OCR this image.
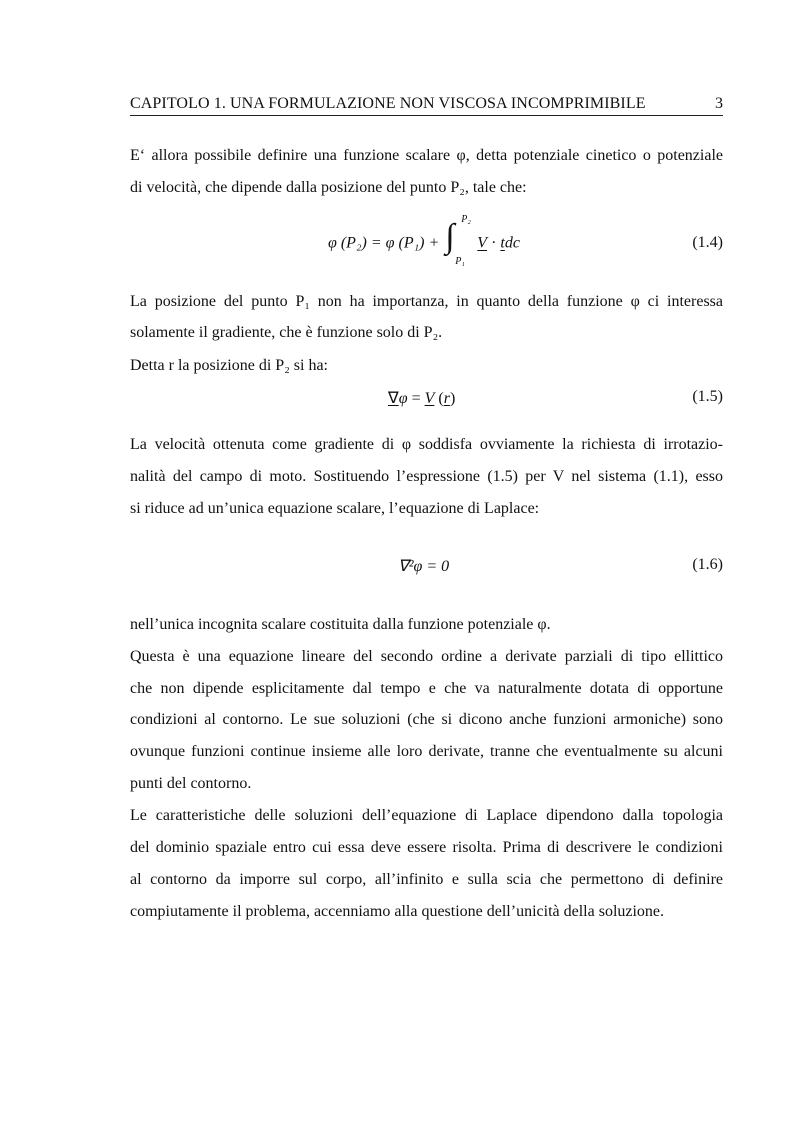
CAPITOLO 1. UNA FORMULAZIONE NON VISCOSA INCOMPRIMIBILE	3
E‘ allora possibile definire una funzione scalare φ, detta potenziale cinetico o potenziale
di velocità, che dipende dalla posizione del punto P₂, tale che:
φ (P₂) = φ (P₁) + ∫ P₂
P₁
V · tdc	(1.4)
La posizione del punto P₁ non ha importanza, in quanto della funzione φ ci interessa
solamente il gradiente, che è funzione solo di P₂.
Detta r la posizione di P₂ si ha:
∇φ = V (r)	(1.5)
La velocità ottenuta come gradiente di φ soddisfa ovviamente la richiesta di irrotazio-
nalità del campo di moto. Sostituendo l’espressione (1.5) per V nel sistema (1.1), esso
si riduce ad un’unica equazione scalare, l’equazione di Laplace:
∇²φ = 0	(1.6)
nell’unica incognita scalare costituita dalla funzione potenziale φ.
Questa è una equazione lineare del secondo ordine a derivate parziali di tipo ellittico
che non dipende esplicitamente dal tempo e che va naturalmente dotata di opportune
condizioni al contorno. Le sue soluzioni (che si dicono anche funzioni armoniche) sono
ovunque funzioni continue insieme alle loro derivate, tranne che eventualmente su alcuni
punti del contorno.
Le caratteristiche delle soluzioni dell’equazione di Laplace dipendono dalla topologia
del dominio spaziale entro cui essa deve essere risolta. Prima di descrivere le condizioni
al contorno da imporre sul corpo, all’infinito e sulla scia che permettono di definire
compiutamente il problema, accenniamo alla questione dell’unicità della soluzione.
